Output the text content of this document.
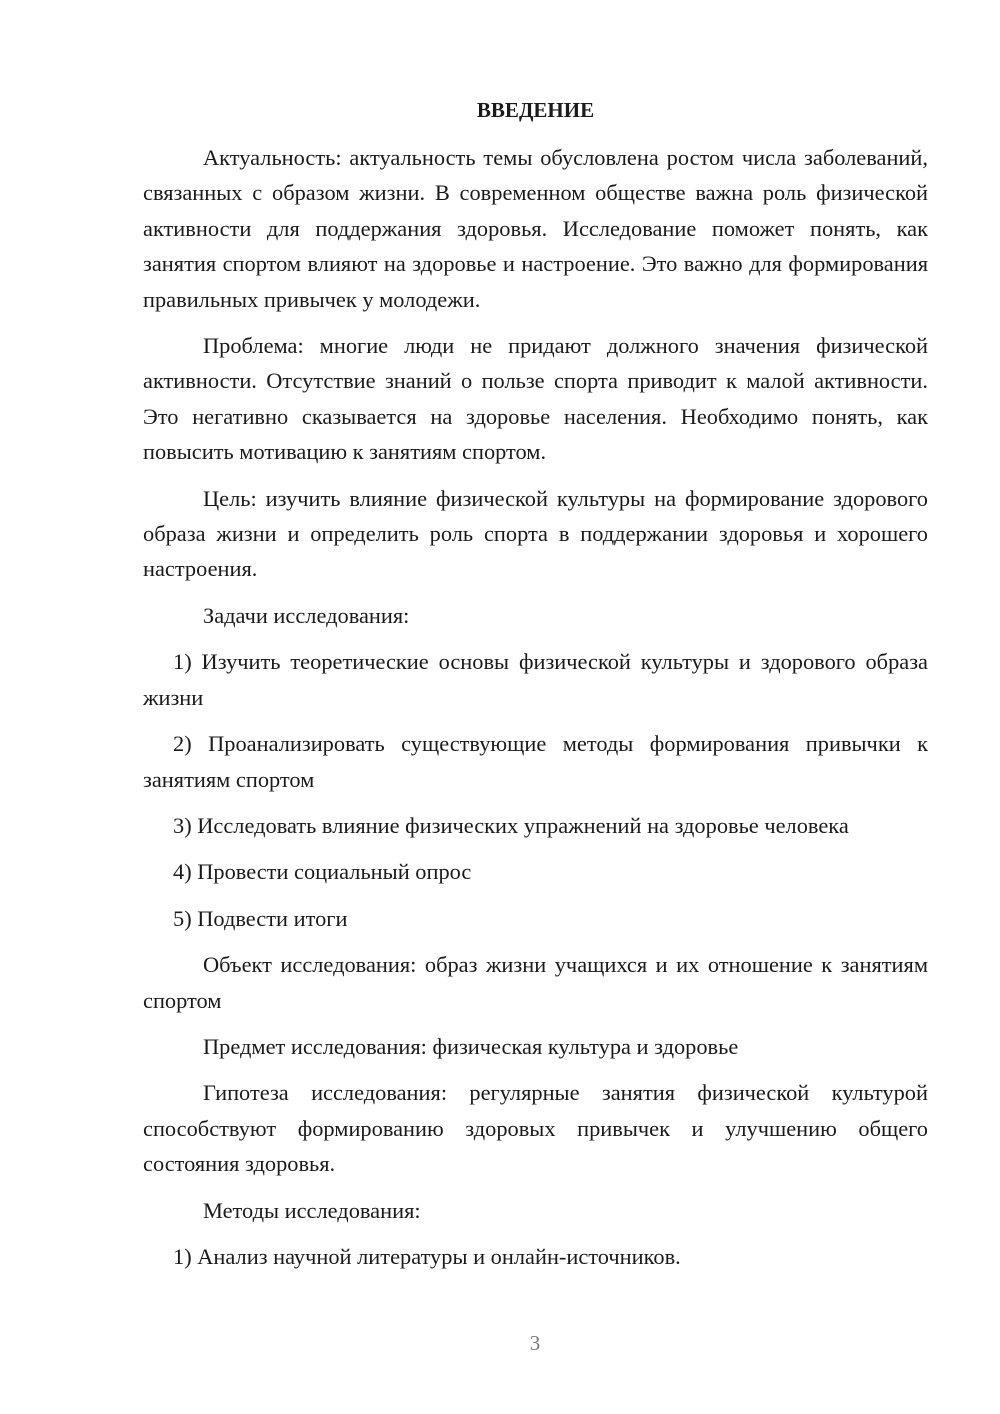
ВВЕДЕНИЕ

Актуальность: актуальность темы обусловлена ростом числа заболеваний, связанных с образом жизни. В современном обществе важна роль физической активности для поддержания здоровья. Исследование поможет понять, как занятия спортом влияют на здоровье и настроение. Это важно для формирования правильных привычек у молодежи.

Проблема: многие люди не придают должного значения физической активности. Отсутствие знаний о пользе спорта приводит к малой активности. Это негативно сказывается на здоровье населения. Необходимо понять, как повысить мотивацию к занятиям спортом.

Цель: изучить влияние физической культуры на формирование здорового образа жизни и определить роль спорта в поддержании здоровья и хорошего настроения.

Задачи исследования:

1) Изучить теоретические основы физической культуры и здорового образа жизни

2) Проанализировать существующие методы формирования привычки к занятиям спортом

3) Исследовать влияние физических упражнений на здоровье человека

4) Провести социальный опрос

5) Подвести итоги

Объект исследования: образ жизни учащихся и их отношение к занятиям спортом

Предмет исследования: физическая культура и здоровье

Гипотеза исследования: регулярные занятия физической культурой способствуют формированию здоровых привычек и улучшению общего состояния здоровья.

Методы исследования:

1) Анализ научной литературы и онлайн-источников.

3
